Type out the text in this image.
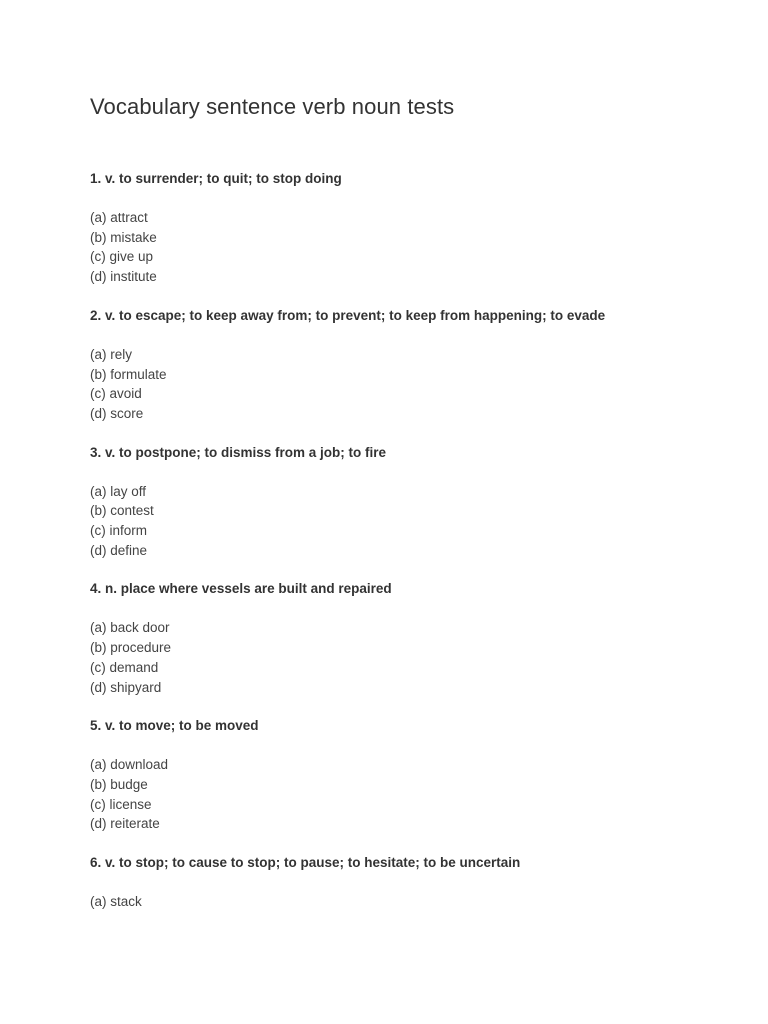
Vocabulary sentence verb noun tests

1. v. to surrender; to quit; to stop doing

(a) attract
(b) mistake
(c) give up
(d) institute

2. v. to escape; to keep away from; to prevent; to keep from happening; to evade

(a) rely
(b) formulate
(c) avoid
(d) score

3. v. to postpone; to dismiss from a job; to fire

(a) lay off
(b) contest
(c) inform
(d) define

4. n. place where vessels are built and repaired

(a) back door
(b) procedure
(c) demand
(d) shipyard

5. v. to move; to be moved

(a) download
(b) budge
(c) license
(d) reiterate

6. v. to stop; to cause to stop; to pause; to hesitate; to be uncertain

(a) stack
